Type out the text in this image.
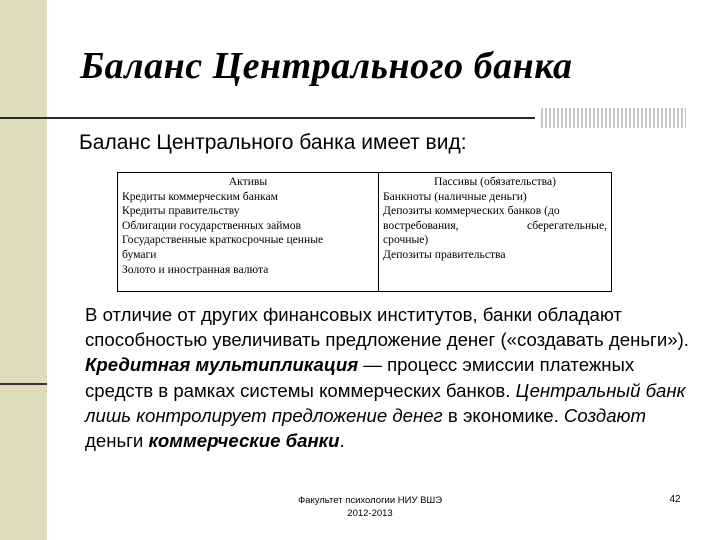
Баланс Центрального банка

Баланс Центрального банка имеет вид:

Активы
Кредиты коммерческим банкам
Кредиты правительству
Облигации государственных займов
Государственные краткосрочные ценные
бумаги
Золото и иностранная валюта
Пассивы (обязательства)
Банкноты (наличные деньги)
Депозиты коммерческих банков (до
востребования,	сберегательные,
срочные)
Депозиты правительства

В отличие от других финансовых институтов, банки обладают способностью увеличивать предложение денег («создавать деньги»). Кредитная мультипликация — процесс эмиссии платежных средств в рамках системы коммерческих банков. Центральный банк лишь контролирует предложение денег в экономике. Создают деньги коммерческие банки.

Факультет психологии НИУ ВШЭ
2012-2013
42
